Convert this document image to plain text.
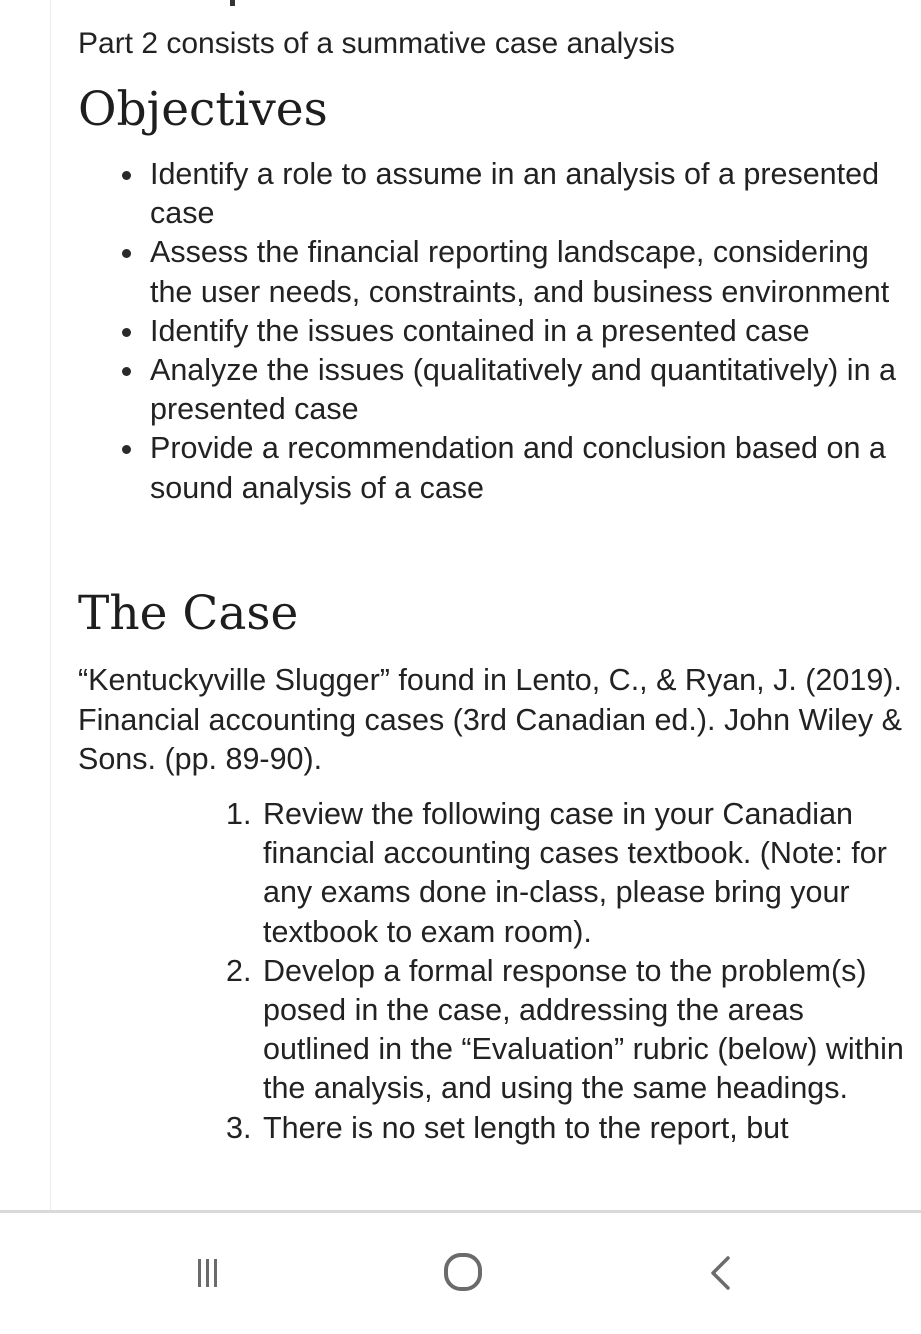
Part 2 consists of a summative case analysis
Objectives
Identify a role to assume in an analysis of a presented case
Assess the financial reporting landscape, considering the user needs, constraints, and business environment
Identify the issues contained in a presented case
Analyze the issues (qualitatively and quantitatively) in a presented case
Provide a recommendation and conclusion based on a sound analysis of a case
The Case

“Kentuckyville Slugger” found in Lento, C., & Ryan, J. (2019). Financial accounting cases (3rd Canadian ed.). John Wiley & Sons. (pp. 89-90).

1. Review the following case in your Canadian financial accounting cases textbook. (Note: for any exams done in-class, please bring your textbook to exam room).
2. Develop a formal response to the problem(s) posed in the case, addressing the areas outlined in the “Evaluation” rubric (below) within the analysis, and using the same headings.
3. There is no set length to the report, but
